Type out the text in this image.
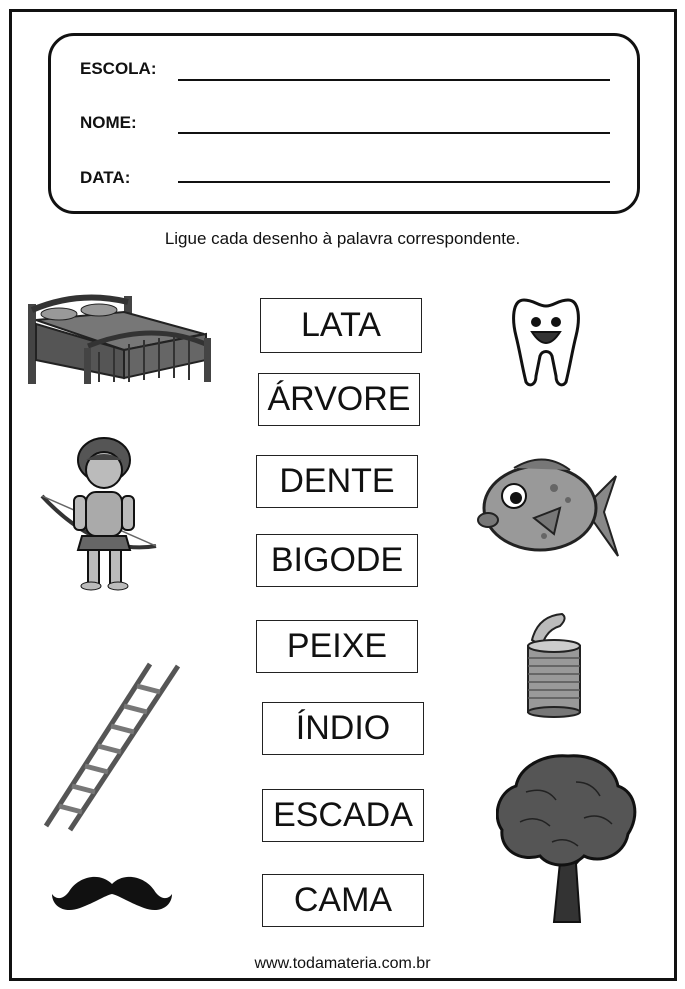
ESCOLA:
NOME:
DATA:
Ligue cada desenho à palavra correspondente.
LATA
ÁRVORE
DENTE
BIGODE
PEIXE
ÍNDIO
ESCADA
CAMA
www.todamateria.com.br
